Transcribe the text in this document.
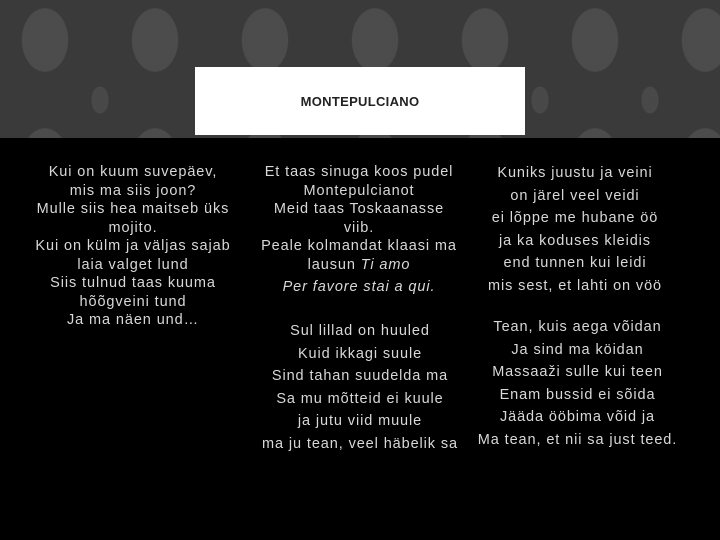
MONTEPULCIANO
Kui on kuum suvepäev,
mis ma siis joon?
Mulle siis hea maitseb üks
mojito.
Kui on külm ja väljas sajab
laia valget lund
Siis tulnud taas kuuma
hõõgveini tund
Ja ma näen und…
Et taas sinuga koos pudel
Montepulcianot
Meid taas Toskaanasse
viib.
Peale kolmandat klaasi ma
lausun Ti amo
Per favore stai a qui.
Kuniks juustu ja veini
on järel veel veidi
ei lõppe me hubane öö
ja ka koduses kleidis
end tunnen kui leidi
mis sest, et lahti on vöö
Sul lillad on huuled
Kuid ikkagi suule
Sind tahan suudelda ma
Sa mu mõtteid ei kuule
ja jutu viid muule
ma ju tean, veel häbelik sa
Tean, kuis aega võidan
Ja sind ma köidan
Massaaži sulle kui teen
Enam bussid ei sõida
Jääda ööbima võid ja
Ma tean, et nii sa just teed.
